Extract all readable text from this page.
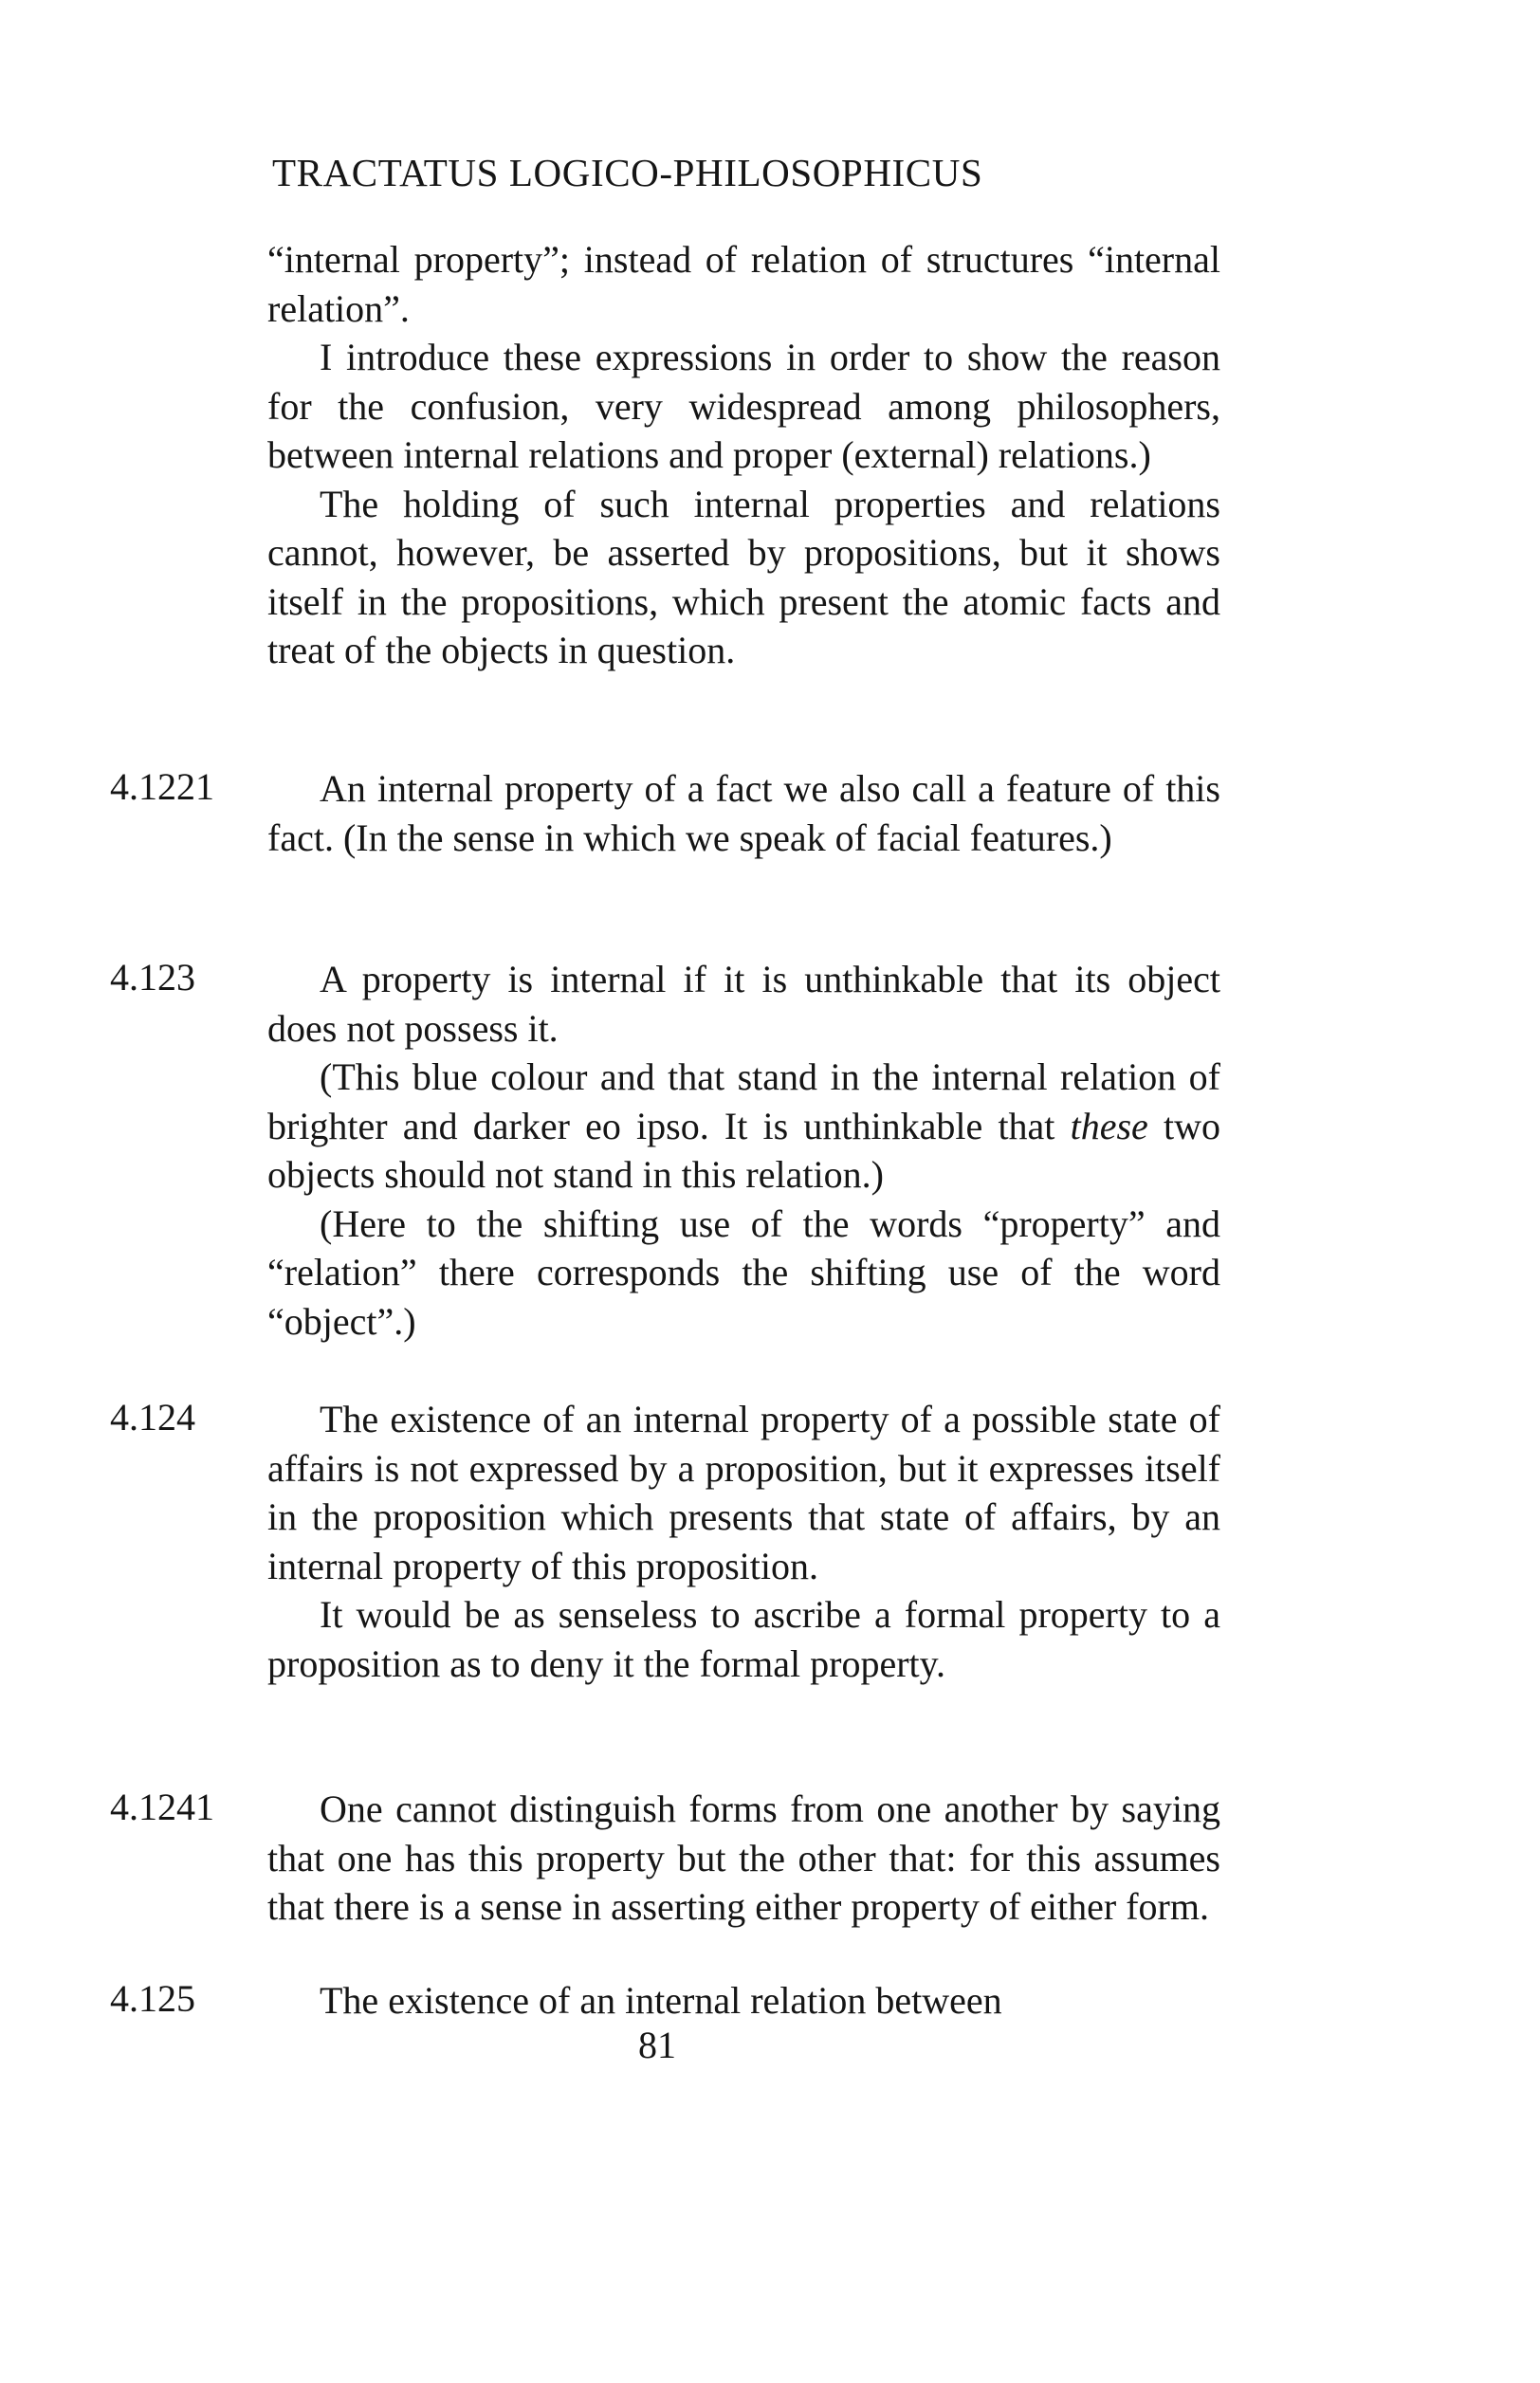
TRACTATUS LOGICO-PHILOSOPHICUS

“internal property”; instead of relation of structures “internal relation”.

I introduce these expressions in order to show the reason for the confusion, very widespread among philosophers, between internal relations and proper (external) relations.)

The holding of such internal properties and relations cannot, however, be asserted by propositions, but it shows itself in the propositions, which present the atomic facts and treat of the objects in question.

4.1221	An internal property of a fact we also call a feature of this fact. (In the sense in which we speak of facial features.)

4.123	A property is internal if it is unthinkable that its object does not possess it.

(This blue colour and that stand in the internal relation of brighter and darker eo ipso. It is unthinkable that these two objects should not stand in this relation.)

(Here to the shifting use of the words “property” and “relation” there corresponds the shifting use of the word “object”.)

4.124	The existence of an internal property of a possible state of affairs is not expressed by a proposition, but it expresses itself in the proposition which presents that state of affairs, by an internal property of this proposition.

It would be as senseless to ascribe a formal property to a proposition as to deny it the formal property.

4.1241	One cannot distinguish forms from one another by saying that one has this property but the other that: for this assumes that there is a sense in asserting either property of either form.

4.125	The existence of an internal relation between

81
